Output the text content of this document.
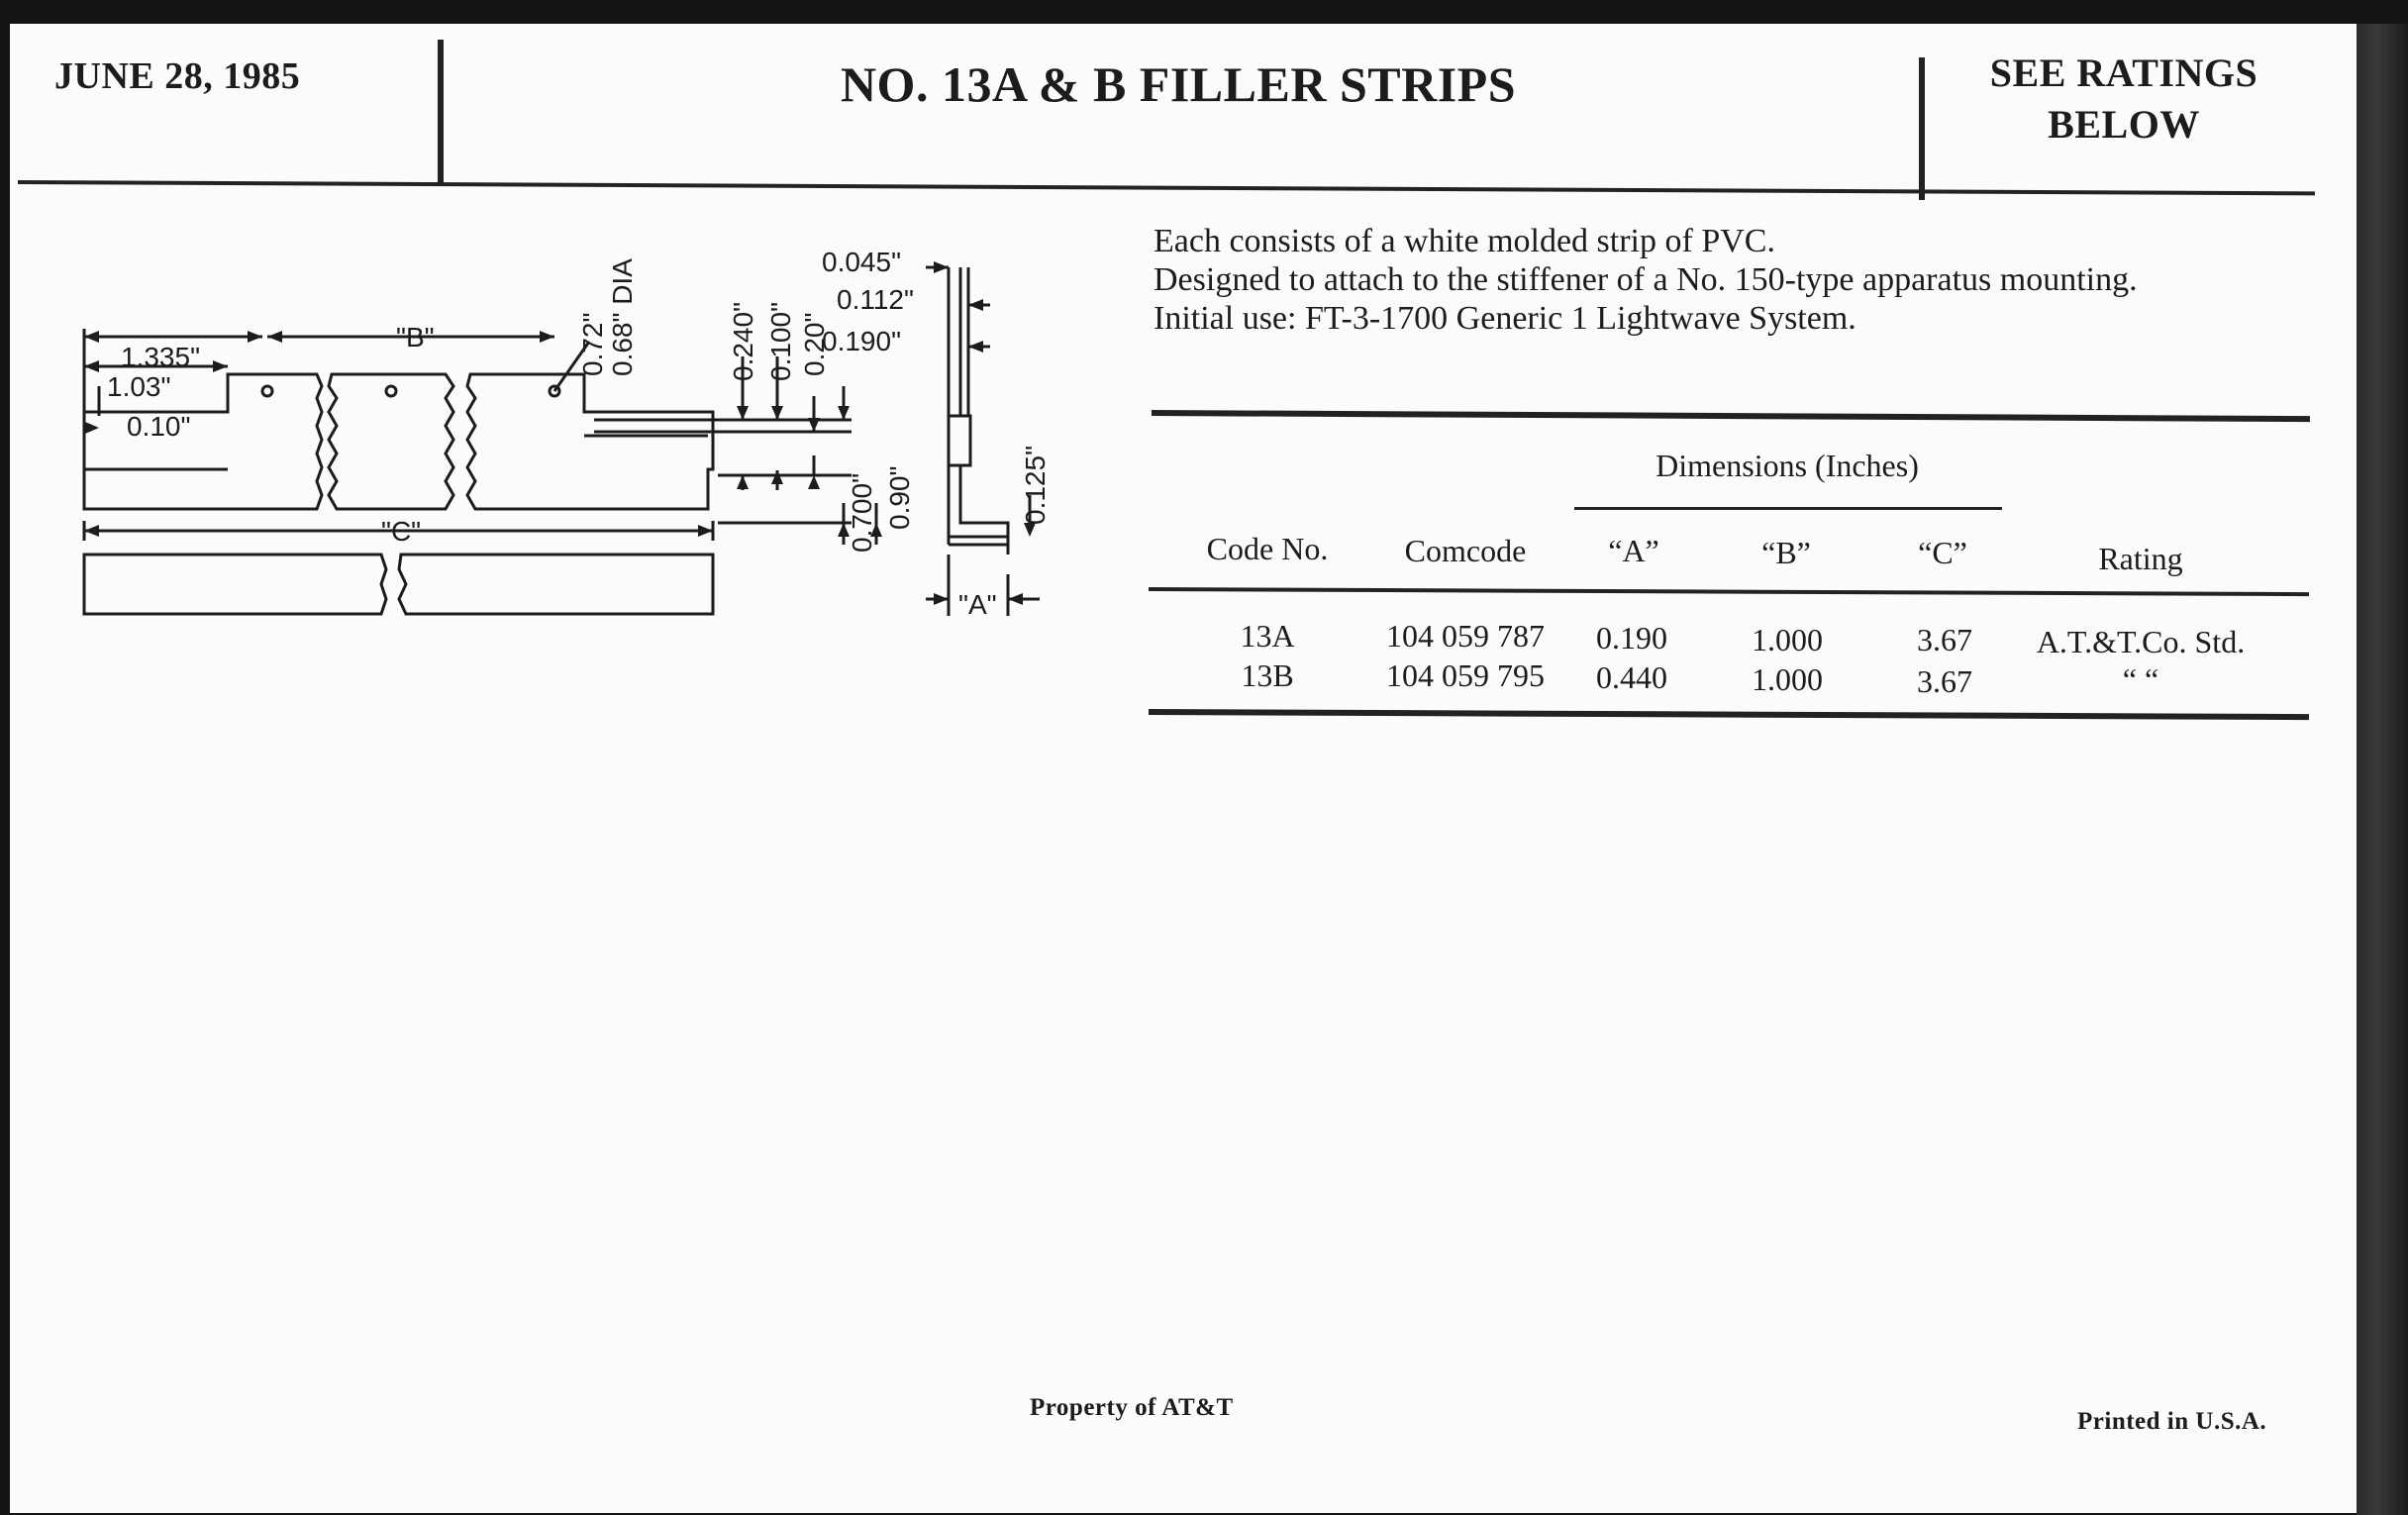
JUNE 28, 1985	NO. 13A & B FILLER STRIPS	SEE RATINGS
BELOW
1.335"
"B"
1.03"
0.10"
"C"
0.72" 0.68" DIA	0.240" 0.100" 0.20"
0.700" 0.90"
0.045"
0.112"
0.190"
0.125"
"A"
Each consists of a white molded strip of PVC.
Designed to attach to the stiffener of a No. 150-type apparatus mounting.
Initial use: FT-3-1700 Generic 1 Lightwave System.
Dimensions (Inches)
Code No.	Comcode	“A”	“B”	“C”	Rating
13A	104 059 787	0.190	1.000	3.67	A.T.&T.Co. Std.
13B	104 059 795	0.440	1.000	3.67	“ “
Property of AT&T
Printed in U.S.A.
